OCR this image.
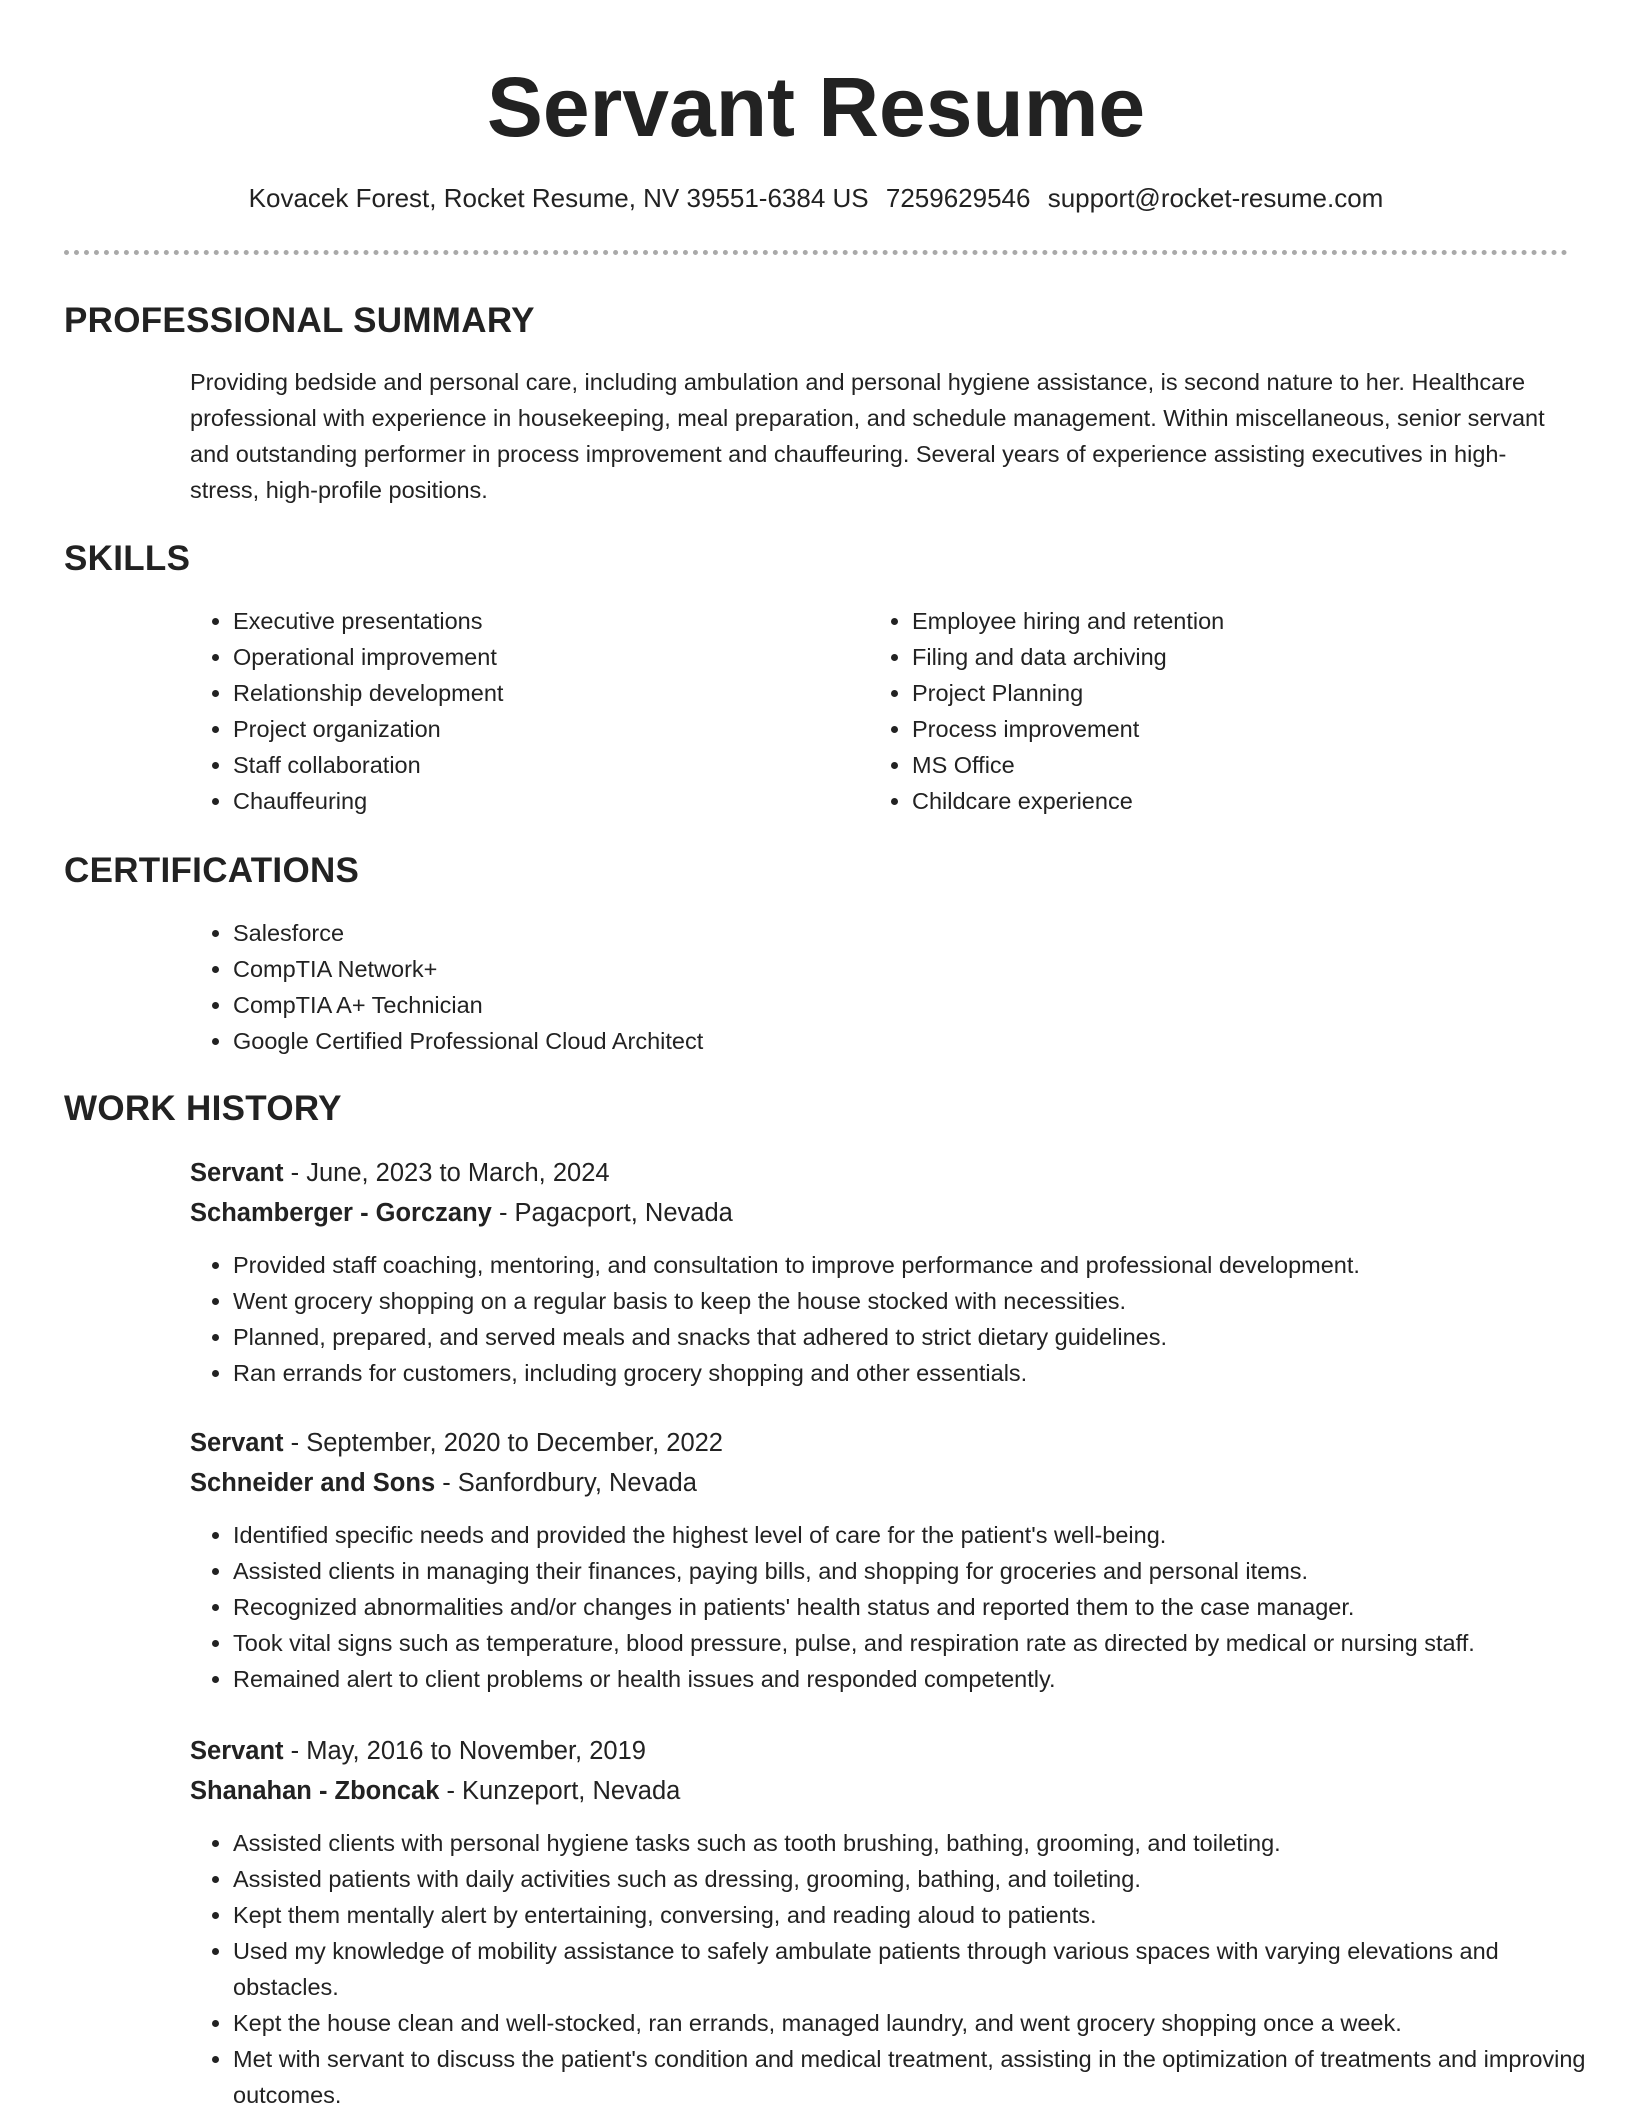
Servant Resume
Kovacek Forest, Rocket Resume, NV 39551-6384 US 7259629546 support@rocket-resume.com
PROFESSIONAL SUMMARY

Providing bedside and personal care, including ambulation and personal hygiene assistance, is second nature to her. Healthcare professional with experience in housekeeping, meal preparation, and schedule management. Within miscellaneous, senior servant and outstanding performer in process improvement and chauffeuring. Several years of experience assisting executives in high-stress, high-profile positions.

SKILLS
• Executive presentations
• Operational improvement
• Relationship development
• Project organization
• Staff collaboration
• Chauffeuring
• Employee hiring and retention
• Filing and data archiving
• Project Planning
• Process improvement
• MS Office
• Childcare experience
CERTIFICATIONS
• Salesforce
• CompTIA Network+
• CompTIA A+ Technician
• Google Certified Professional Cloud Architect
WORK HISTORY
Servant - June, 2023 to March, 2024
Schamberger - Gorczany - Pagacport, Nevada
• Provided staff coaching, mentoring, and consultation to improve performance and professional development.
• Went grocery shopping on a regular basis to keep the house stocked with necessities.
• Planned, prepared, and served meals and snacks that adhered to strict dietary guidelines.
• Ran errands for customers, including grocery shopping and other essentials.
Servant - September, 2020 to December, 2022
Schneider and Sons - Sanfordbury, Nevada
• Identified specific needs and provided the highest level of care for the patient's well-being.
• Assisted clients in managing their finances, paying bills, and shopping for groceries and personal items.
• Recognized abnormalities and/or changes in patients' health status and reported them to the case manager.
• Took vital signs such as temperature, blood pressure, pulse, and respiration rate as directed by medical or nursing staff.
• Remained alert to client problems or health issues and responded competently.
Servant - May, 2016 to November, 2019
Shanahan - Zboncak - Kunzeport, Nevada
• Assisted clients with personal hygiene tasks such as tooth brushing, bathing, grooming, and toileting.
• Assisted patients with daily activities such as dressing, grooming, bathing, and toileting.
• Kept them mentally alert by entertaining, conversing, and reading aloud to patients.
• Used my knowledge of mobility assistance to safely ambulate patients through various spaces with varying elevations and obstacles.
• Kept the house clean and well-stocked, ran errands, managed laundry, and went grocery shopping once a week.
• Met with servant to discuss the patient's condition and medical treatment, assisting in the optimization of treatments and improving outcomes.
